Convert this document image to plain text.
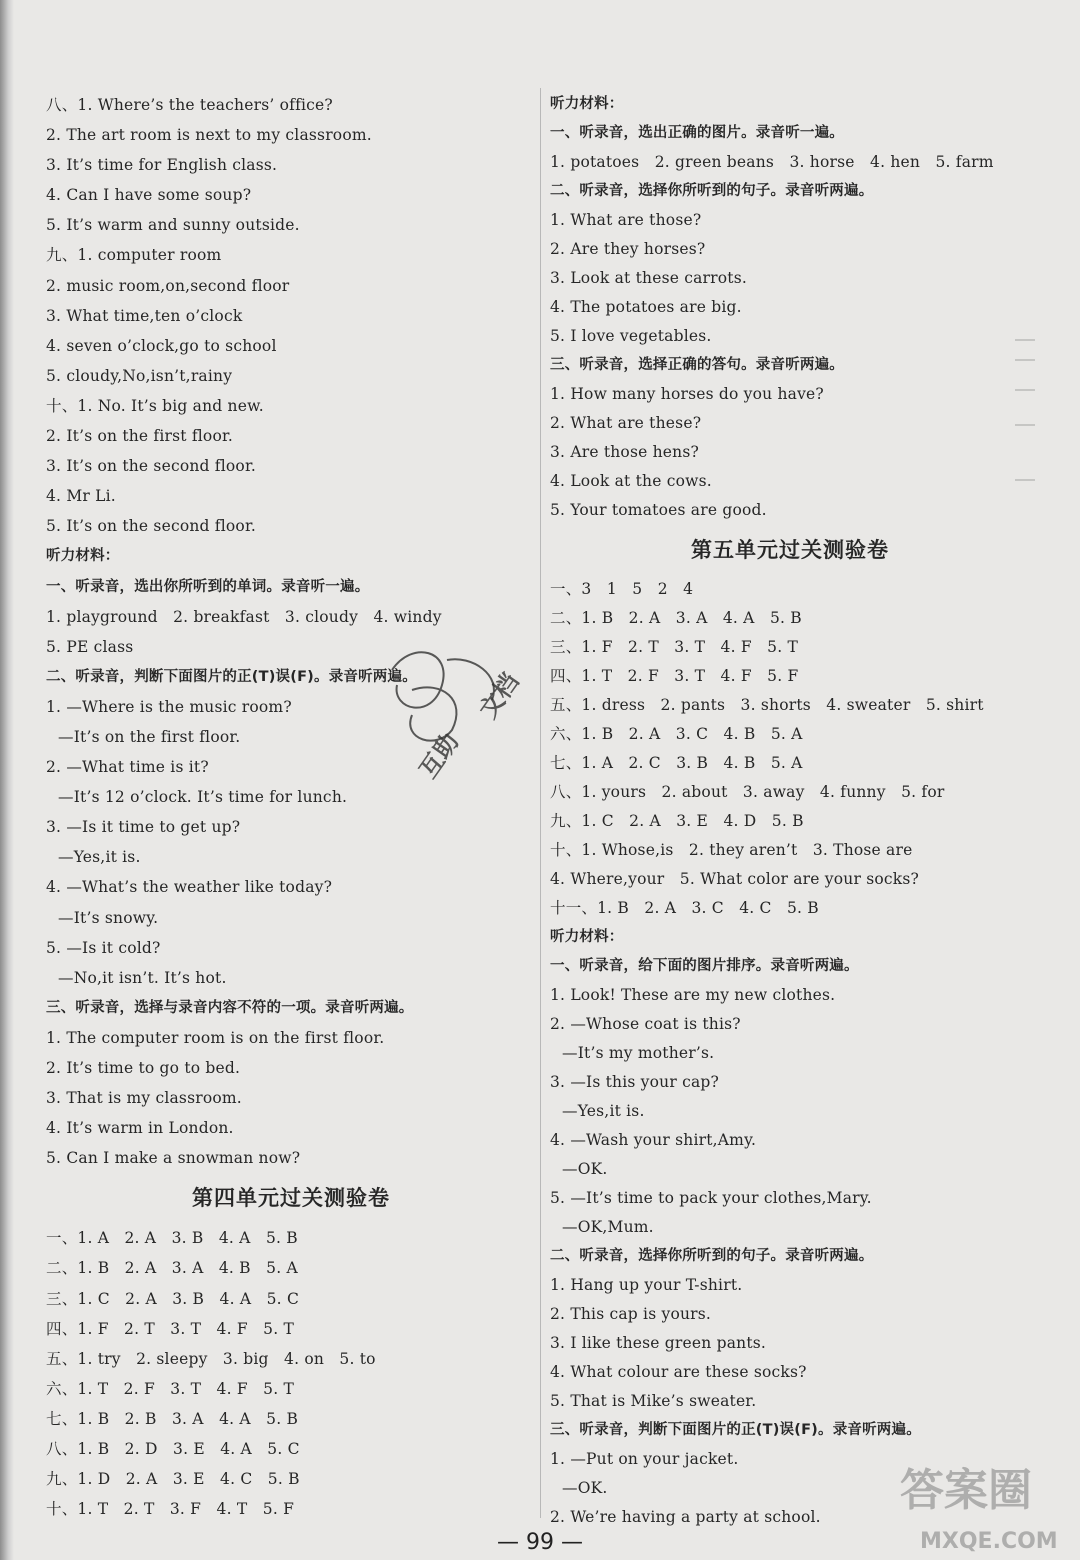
八、1. Where’s the teachers’ office?
2. The art room is next to my classroom.
3. It’s time for English class.
4. Can I have some soup?
5. It’s warm and sunny outside.
九、1. computer room
2. music room,on,second floor
3. What time,ten o’clock
4. seven o’clock,go to school
5. cloudy,No,isn’t,rainy
十、1. No. It’s big and new.
2. It’s on the first floor.
3. It’s on the second floor.
4. Mr Li.
5. It’s on the second floor.
听力材料：
一、听录音，选出你所听到的单词。录音听一遍。
1. playground   2. breakfast   3. cloudy   4. windy
5. PE class
二、听录音，判断下面图片的正(T)误(F)。录音听两遍。
1. —Where is the music room?
—It’s on the first floor.
2. —What time is it?
—It’s 12 o’clock. It’s time for lunch.
3. —Is it time to get up?
—Yes,it is.
4. —What’s the weather like today?
—It’s snowy.
5. —Is it cold?
—No,it isn’t. It’s hot.
三、听录音，选择与录音内容不符的一项。录音听两遍。
1. The computer room is on the first floor.
2. It’s time to go to bed.
3. That is my classroom.
4. It’s warm in London.
5. Can I make a snowman now?
第四单元过关测验卷
一、1. A   2. A   3. B   4. A   5. B
二、1. B   2. A   3. A   4. B   5. A
三、1. C   2. A   3. B   4. A   5. C
四、1. F   2. T   3. T   4. F   5. T
五、1. try   2. sleepy   3. big   4. on   5. to
六、1. T   2. F   3. T   4. F   5. T
七、1. B   2. B   3. A   4. A   5. B
八、1. B   2. D   3. E   4. A   5. C
九、1. D   2. A   3. E   4. C   5. B
十、1. T   2. T   3. F   4. T   5. F
听力材料：
一、听录音，选出正确的图片。录音听一遍。
1. potatoes   2. green beans   3. horse   4. hen   5. farm
二、听录音，选择你所听到的句子。录音听两遍。
1. What are those?
2. Are they horses?
3. Look at these carrots.
4. The potatoes are big.
5. I love vegetables.
三、听录音，选择正确的答句。录音听两遍。
1. How many horses do you have?
2. What are these?
3. Are those hens?
4. Look at the cows.
5. Your tomatoes are good.
第五单元过关测验卷
一、3   1   5   2   4
二、1. B   2. A   3. A   4. A   5. B
三、1. F   2. T   3. T   4. F   5. T
四、1. T   2. F   3. T   4. F   5. F
五、1. dress   2. pants   3. shorts   4. sweater   5. shirt
六、1. B   2. A   3. C   4. B   5. A
七、1. A   2. C   3. B   4. B   5. A
八、1. yours   2. about   3. away   4. funny   5. for
九、1. C   2. A   3. E   4. D   5. B
十、1. Whose,is   2. they aren’t   3. Those are
4. Where,your   5. What color are your socks?
十一、1. B   2. A   3. C   4. C   5. B
听力材料：
一、听录音，给下面的图片排序。录音听两遍。
1. Look! These are my new clothes.
2. —Whose coat is this?
—It’s my mother’s.
3. —Is this your cap?
—Yes,it is.
4. —Wash your shirt,Amy.
—OK.
5. —It’s time to pack your clothes,Mary.
—OK,Mum.
二、听录音，选择你所听到的句子。录音听两遍。
1. Hang up your T-shirt.
2. This cap is yours.
3. I like these green pants.
4. What colour are these socks?
5. That is Mike’s sweater.
三、听录音，判断下面图片的正(T)误(F)。录音听两遍。
1. —Put on your jacket.
—OK.
2. We’re having a party at school.
互助
文档
答案圈
MXQE.COM
— 99 —
